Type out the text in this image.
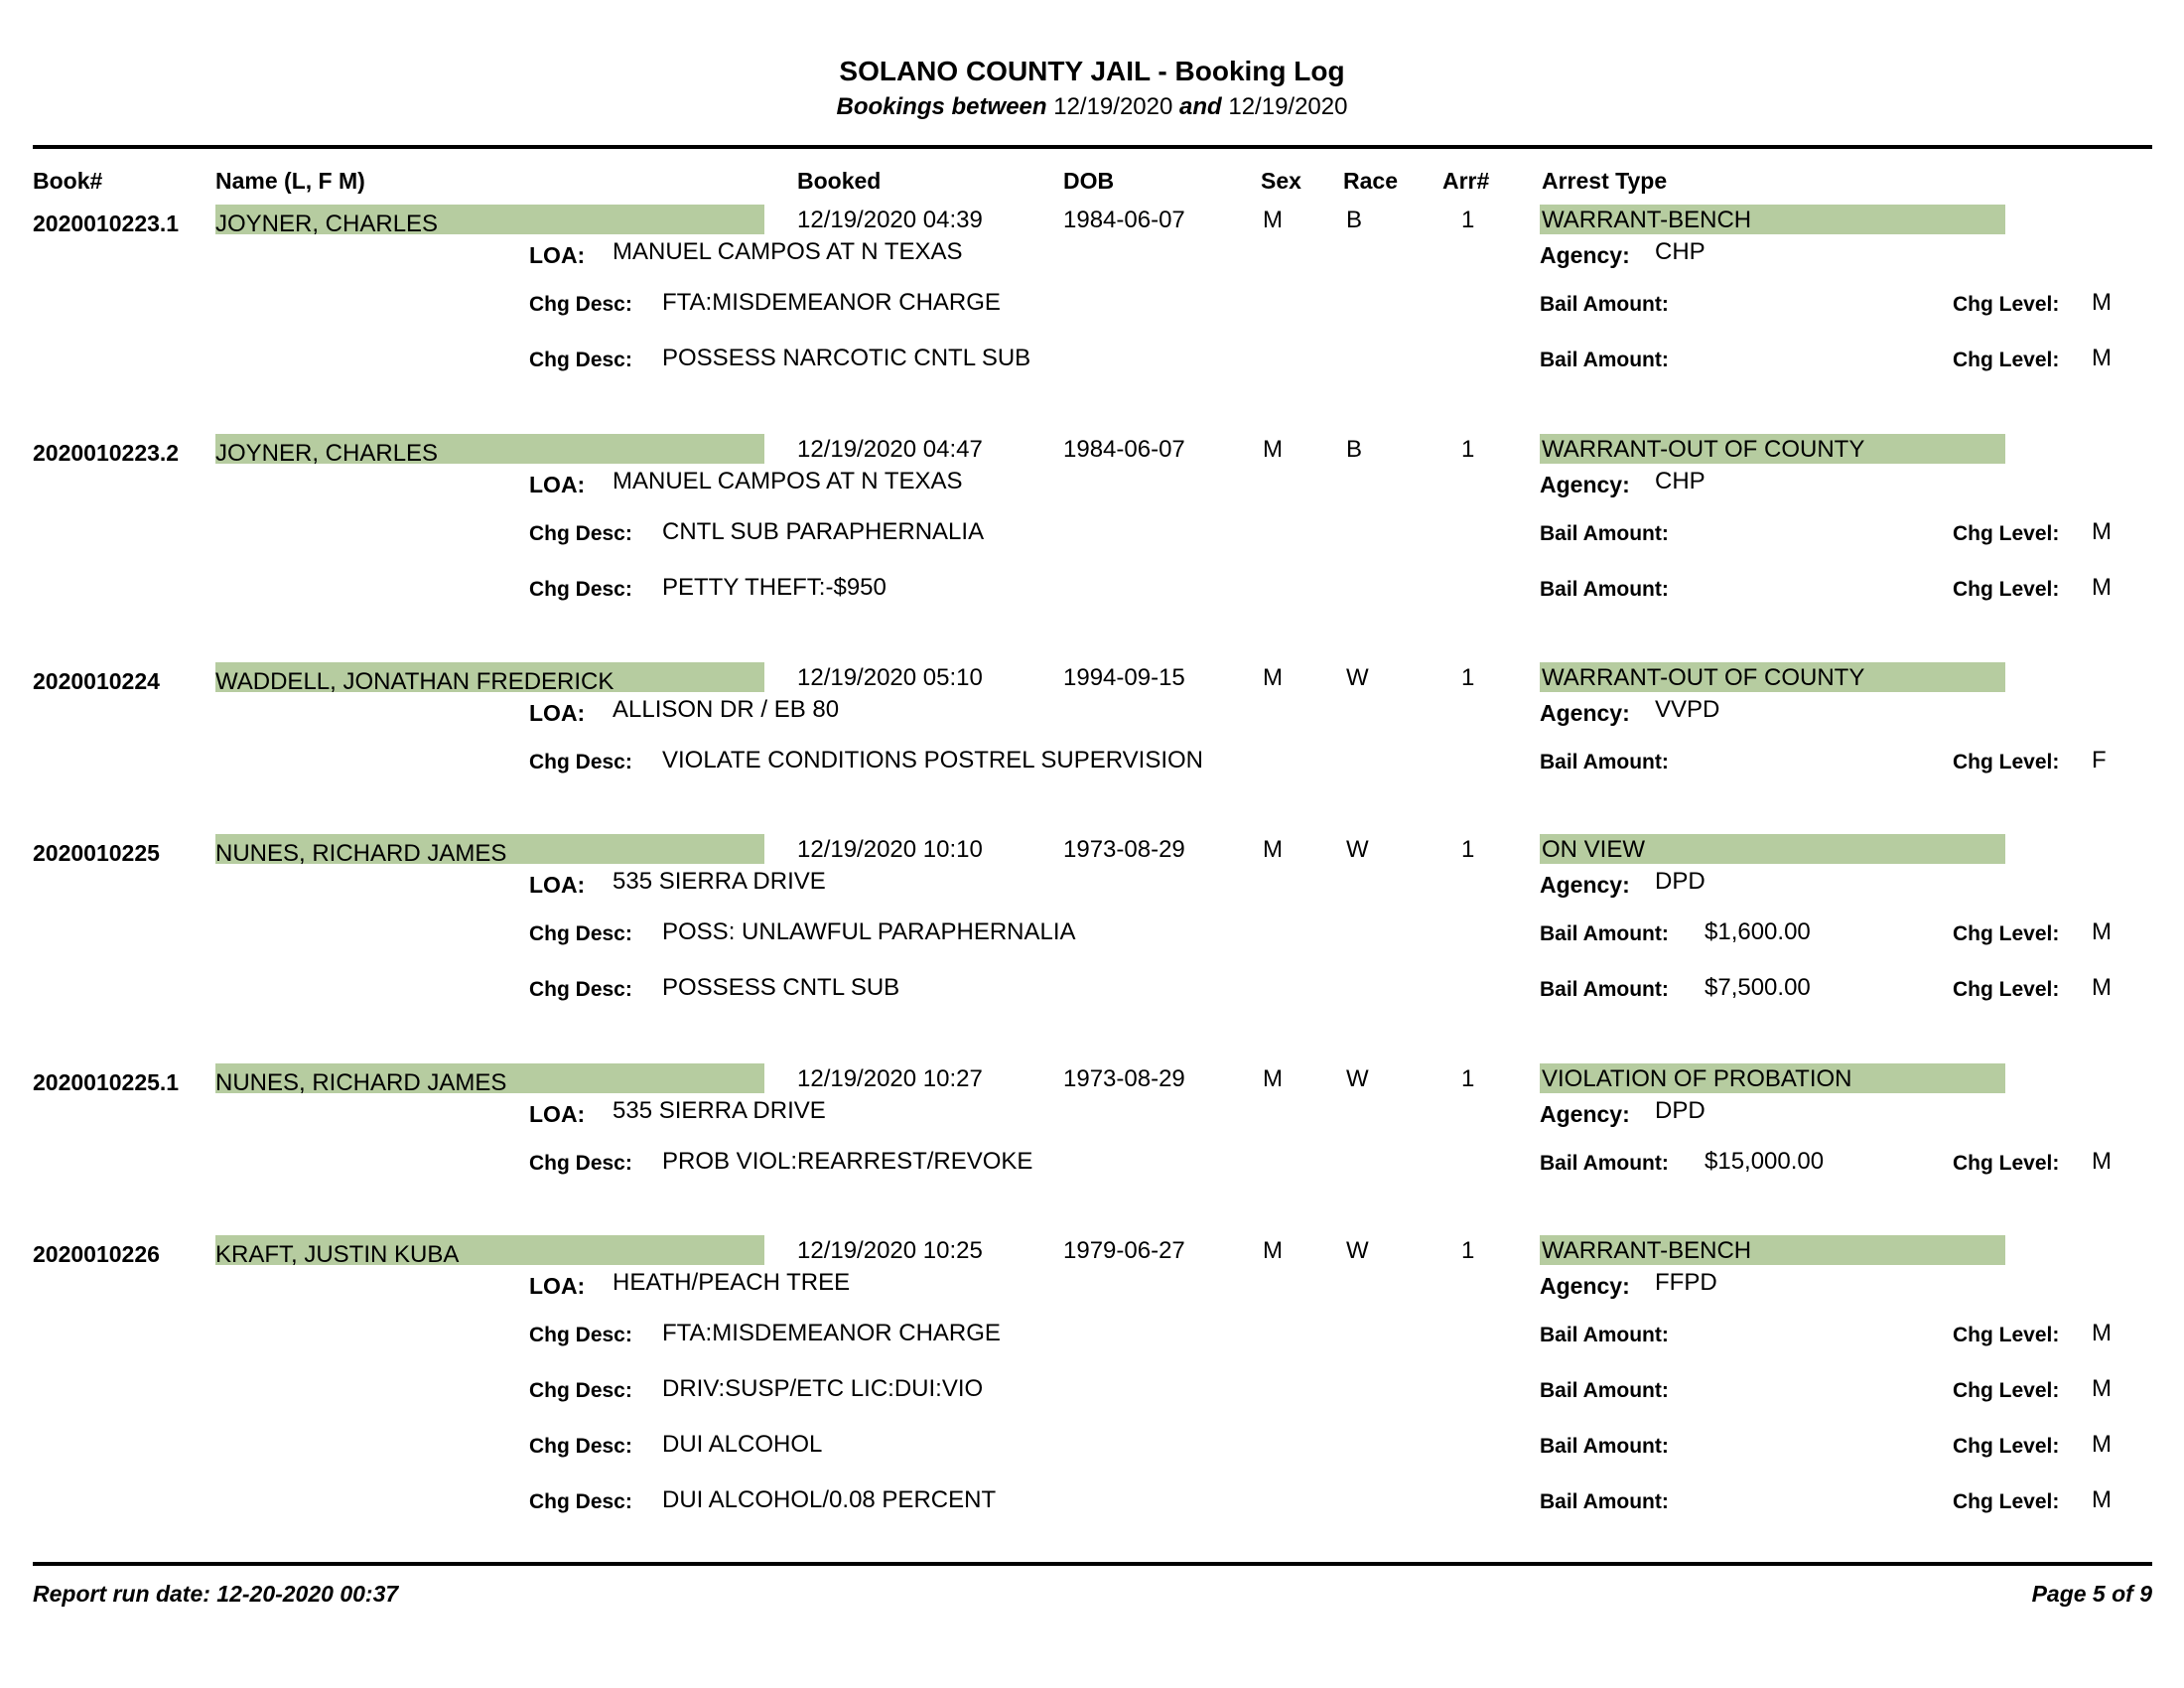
SOLANO COUNTY JAIL - Booking Log
Bookings between 12/19/2020 and 12/19/2020
Book#	Name (L, F M)	Booked	DOB	Sex Race Arr# Arrest Type
2020010223.1 JOYNER, CHARLES	12/19/2020 04:39	1984-06-07	M	B	1	WARRANT-BENCH
LOA: MANUEL CAMPOS AT N TEXAS	Agency: CHP
Chg Desc: FTA:MISDEMEANOR CHARGE	Bail Amount:	Chg Level: M
Chg Desc: POSSESS NARCOTIC CNTL SUB	Bail Amount:	Chg Level: M
2020010223.2 JOYNER, CHARLES	12/19/2020 04:47	1984-06-07	M	B	1	WARRANT-OUT OF COUNTY
LOA: MANUEL CAMPOS AT N TEXAS	Agency: CHP
Chg Desc: CNTL SUB PARAPHERNALIA	Bail Amount:	Chg Level: M
Chg Desc: PETTY THEFT:-$950	Bail Amount:	Chg Level: M
2020010224 WADDELL, JONATHAN FREDERICK	12/19/2020 05:10	1994-09-15	M	W	1	WARRANT-OUT OF COUNTY
LOA: ALLISON DR / EB 80	Agency: VVPD
Chg Desc: VIOLATE CONDITIONS POSTREL SUPERVISION	Bail Amount:	Chg Level: F
2020010225 NUNES, RICHARD JAMES	12/19/2020 10:10	1973-08-29	M	W	1	ON VIEW
LOA: 535 SIERRA DRIVE	Agency: DPD
Chg Desc: POSS: UNLAWFUL PARAPHERNALIA	Bail Amount: $1,600.00	Chg Level: M
Chg Desc: POSSESS CNTL SUB	Bail Amount: $7,500.00	Chg Level: M
2020010225.1 NUNES, RICHARD JAMES	12/19/2020 10:27	1973-08-29	M	W	1	VIOLATION OF PROBATION
LOA: 535 SIERRA DRIVE	Agency: DPD
Chg Desc: PROB VIOL:REARREST/REVOKE	Bail Amount: $15,000.00	Chg Level: M
2020010226 KRAFT, JUSTIN KUBA	12/19/2020 10:25	1979-06-27	M	W	1	WARRANT-BENCH
LOA: HEATH/PEACH TREE	Agency: FFPD
Chg Desc: FTA:MISDEMEANOR CHARGE	Bail Amount:	Chg Level: M
Chg Desc: DRIV:SUSP/ETC LIC:DUI:VIO	Bail Amount:	Chg Level: M
Chg Desc: DUI ALCOHOL	Bail Amount:	Chg Level: M
Chg Desc: DUI ALCOHOL/0.08 PERCENT	Bail Amount:	Chg Level: M
Report run date: 12-20-2020 00:37	Page 5 of 9
